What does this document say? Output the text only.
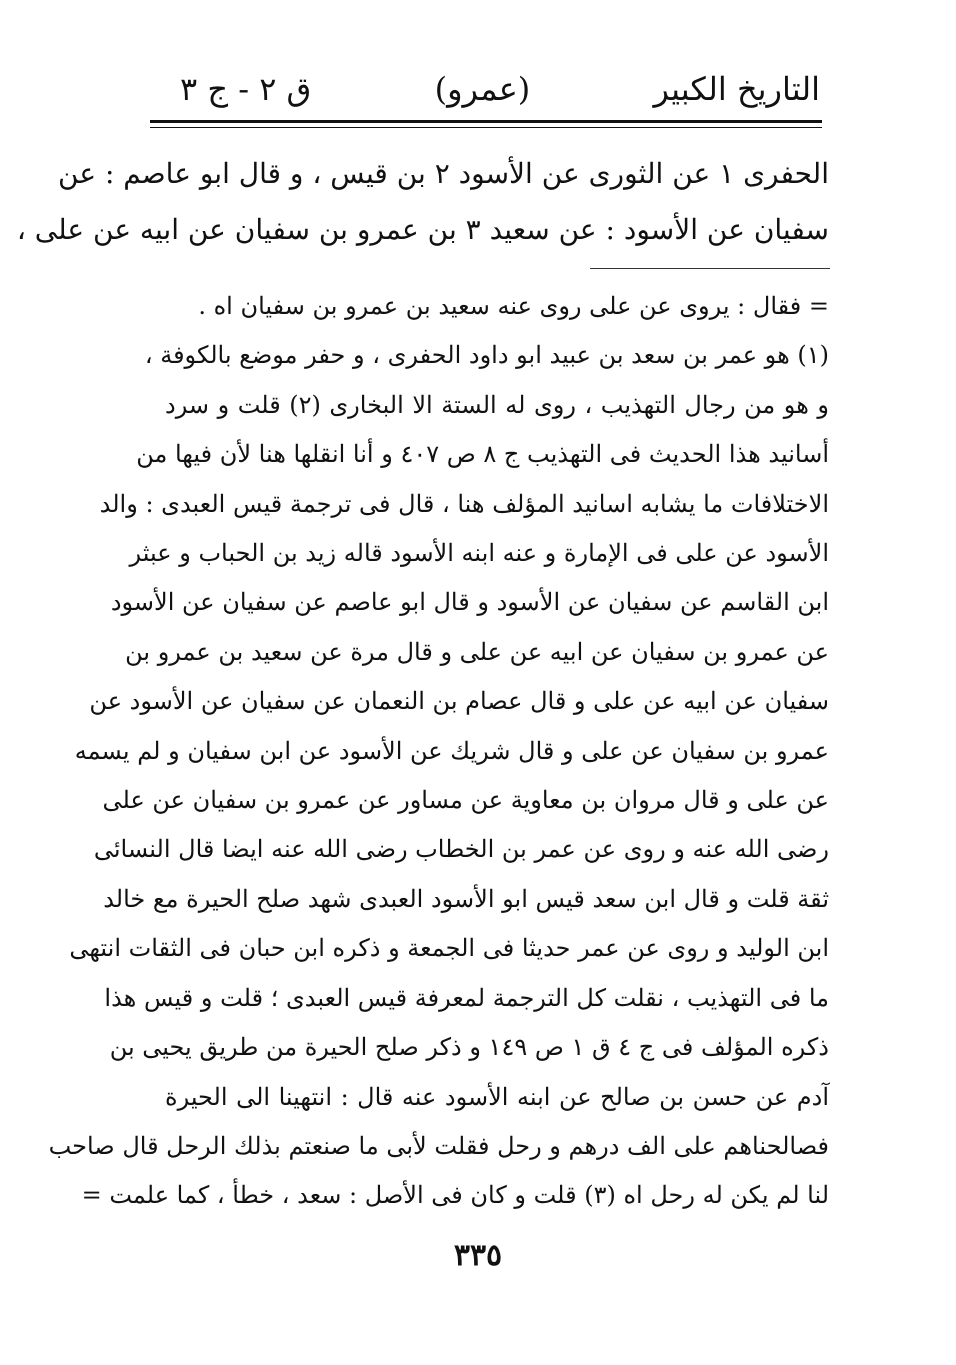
التاريخ الكبير
(عمرو)
ق ٢ - ج ٣
الحفرى ١ عن الثورى عن الأسود ٢ بن قيس ، و قال ابو عاصم : عن
سفيان عن الأسود : عن سعيد ٣ بن عمرو بن سفيان عن ابيه عن على ،
= فقال : يروى عن على روى عنه سعيد بن عمرو بن سفيان اه .
(١) هو عمر بن سعد بن عبيد ابو داود الحفرى ، و حفر موضع بالكوفة ،
و هو من رجال التهذيب ، روى له الستة الا البخارى (٢) قلت و سرد
أسانيد هذا الحديث فى التهذيب ج ٨ ص ٤٠٧ و أنا انقلها هنا لأن فيها من
الاختلافات ما يشابه اسانيد المؤلف هنا ، قال فى ترجمة قيس العبدى : والد
الأسود عن على فى الإمارة و عنه ابنه الأسود قاله زيد بن الحباب و عبثر
ابن القاسم عن سفيان عن الأسود و قال ابو عاصم عن سفيان عن الأسود
عن عمرو بن سفيان عن ابيه عن على و قال مرة عن سعيد بن عمرو بن
سفيان عن ابيه عن على و قال عصام بن النعمان عن سفيان عن الأسود عن
عمرو بن سفيان عن على و قال شريك عن الأسود عن ابن سفيان و لم يسمه
عن على و قال مروان بن معاوية عن مساور عن عمرو بن سفيان عن على
رضى الله عنه و روى عن عمر بن الخطاب رضى الله عنه ايضا قال النسائى
ثقة قلت و قال ابن سعد قيس ابو الأسود العبدى شهد صلح الحيرة مع خالد
ابن الوليد و روى عن عمر حديثا فى الجمعة و ذكره ابن حبان فى الثقات انتهى
ما فى التهذيب ، نقلت كل الترجمة لمعرفة قيس العبدى ؛ قلت و قيس هذا
ذكره المؤلف فى ج ٤ ق ١ ص ١٤٩ و ذكر صلح الحيرة من طريق يحيى بن
آدم عن حسن بن صالح عن ابنه الأسود عنه قال : انتهينا الى الحيرة
فصالحناهم على الف درهم و رحل فقلت لأبى ما صنعتم بذلك الرحل قال صاحب
لنا لم يكن له رحل اه (٣) قلت و كان فى الأصل : سعد ، خطأ ، كما علمت =
٣٣٥
